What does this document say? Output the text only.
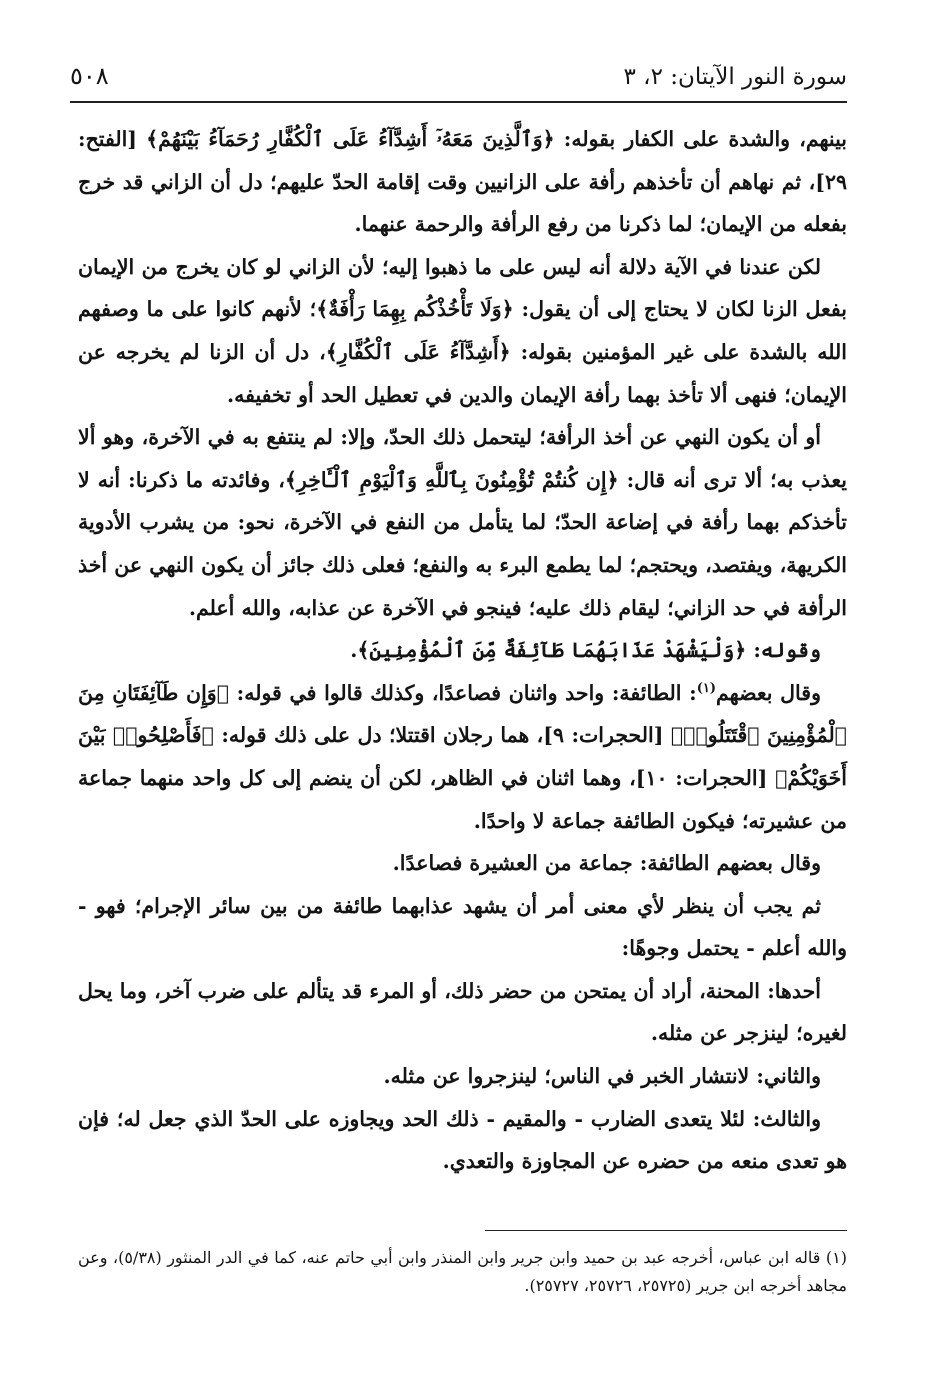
سورة النور الآيتان: ٢، ٣
٥٠٨

بينهم، والشدة على الكفار بقوله: ﴿وَٱلَّذِينَ مَعَهُۥٓ أَشِدَّآءُ عَلَى ٱلْكُفَّارِ رُحَمَآءُ بَيْنَهُمْ﴾ [الفتح: ٢٩]، ثم نهاهم أن تأخذهم رأفة على الزانيين وقت إقامة الحدّ عليهم؛ دل أن الزاني قد خرج بفعله من الإيمان؛ لما ذكرنا من رفع الرأفة والرحمة عنهما.

لكن عندنا في الآية دلالة أنه ليس على ما ذهبوا إليه؛ لأن الزاني لو كان يخرج من الإيمان بفعل الزنا لكان لا يحتاج إلى أن يقول: ﴿وَلَا تَأْخُذْكُم بِهِمَا رَأْفَةٌ﴾؛ لأنهم كانوا على ما وصفهم الله بالشدة على غير المؤمنين بقوله: ﴿أَشِدَّآءُ عَلَى ٱلْكُفَّارِ﴾، دل أن الزنا لم يخرجه عن الإيمان؛ فنهى ألا تأخذ بهما رأفة الإيمان والدين في تعطيل الحد أو تخفيفه.

أو أن يكون النهي عن أخذ الرأفة؛ ليتحمل ذلك الحدّ، وإلا: لم ينتفع به في الآخرة، وهو ألا يعذب به؛ ألا ترى أنه قال: ﴿إِن كُنتُمْ تُؤْمِنُونَ بِٱللَّهِ وَٱلْيَوْمِ ٱلْـَٔاخِرِ﴾، وفائدته ما ذكرنا: أنه لا تأخذكم بهما رأفة في إضاعة الحدّ؛ لما يتأمل من النفع في الآخرة، نحو: من يشرب الأدوية الكريهة، ويفتصد، ويحتجم؛ لما يطمع البرء به والنفع؛ فعلى ذلك جائز أن يكون النهي عن أخذ الرأفة في حد الزاني؛ ليقام ذلك عليه؛ فينجو في الآخرة عن عذابه، والله أعلم.

وقوله: ﴿وَلْيَشْهَدْ عَذَابَهُمَا طَآئِفَةٌ مِّنَ ٱلْمُؤْمِنِينَ﴾.

وقال بعضهم$^{(١)}$: الطائفة: واحد واثنان فصاعدًا، وكذلك قالوا في قوله: ﴿وَإِن طَآئِفَتَانِ مِنَ ٱلْمُؤْمِنِينَ ٱقْتَتَلُوا۟﴾ [الحجرات: ٩]، هما رجلان اقتتلا؛ دل على ذلك قوله: ﴿فَأَصْلِحُوا۟ بَيْنَ أَخَوَيْكُمْ﴾ [الحجرات: ١٠]، وهما اثنان في الظاهر، لكن أن ينضم إلى كل واحد منهما جماعة من عشيرته؛ فيكون الطائفة جماعة لا واحدًا.

وقال بعضهم الطائفة: جماعة من العشيرة فصاعدًا.

ثم يجب أن ينظر لأي معنى أمر أن يشهد عذابهما طائفة من بين سائر الإجرام؛ فهو - والله أعلم - يحتمل وجوهًا:

أحدها: المحنة، أراد أن يمتحن من حضر ذلك، أو المرء قد يتألم على ضرب آخر، وما يحل لغيره؛ لينزجر عن مثله.

والثاني: لانتشار الخبر في الناس؛ لينزجروا عن مثله.

والثالث: لئلا يتعدى الضارب - والمقيم - ذلك الحد ويجاوزه على الحدّ الذي جعل له؛ فإن هو تعدى منعه من حضره عن المجاوزة والتعدي.

(١) قاله ابن عباس، أخرجه عبد بن حميد وابن جرير وابن المنذر وابن أبي حاتم عنه، كما في الدر المنثور (٥/٣٨)، وعن مجاهد أخرجه ابن جرير (٢٥٧٢٥، ٢٥٧٢٦، ٢٥٧٢٧).
